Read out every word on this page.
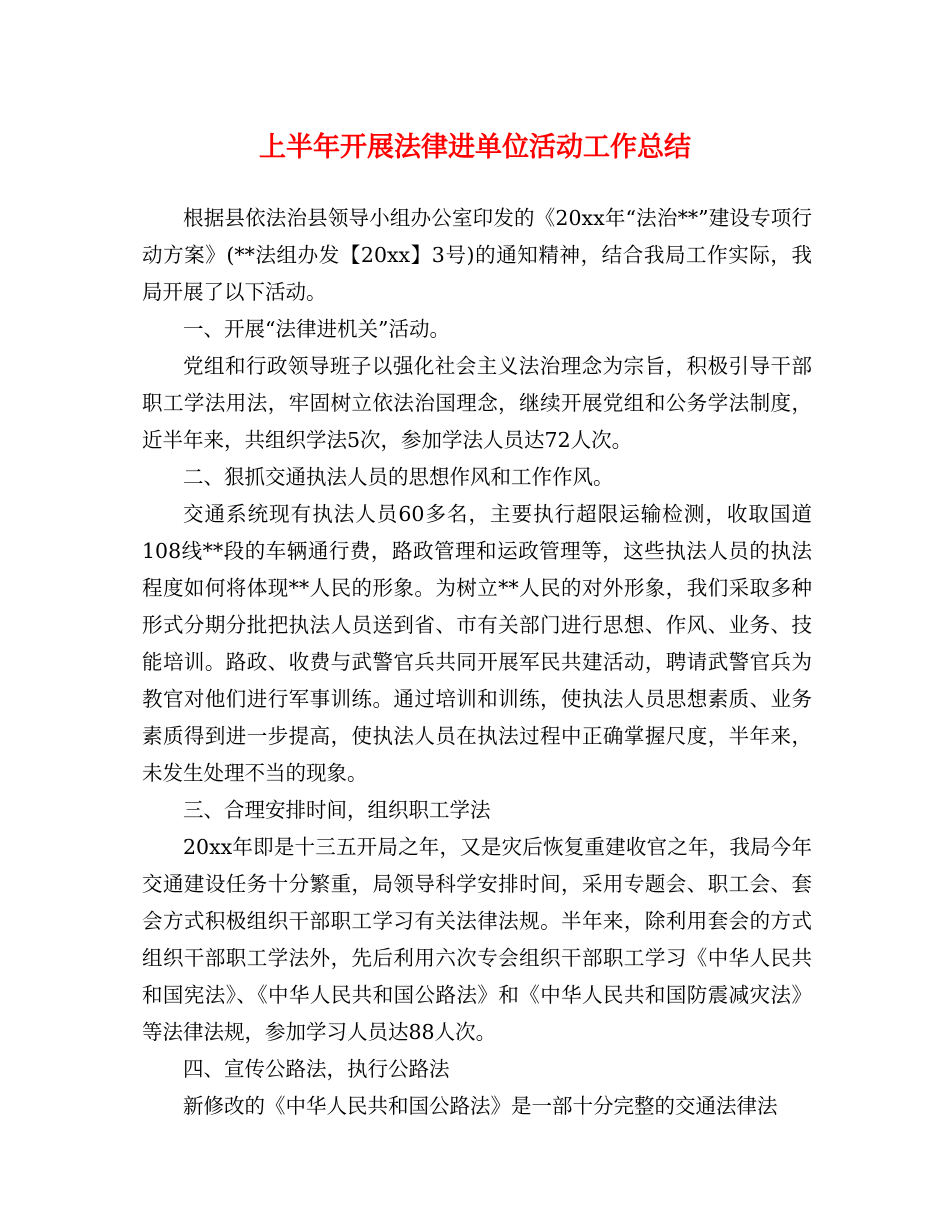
上半年开展法律进单位活动工作总结

根据县依法治县领导小组办公室印发的《20xx年“法治**”建设专项行动方案》(**法组办发【20xx】3号)的通知精神，结合我局工作实际，我局开展了以下活动。

一、开展“法律进机关”活动。

党组和行政领导班子以强化社会主义法治理念为宗旨，积极引导干部职工学法用法，牢固树立依法治国理念，继续开展党组和公务学法制度，近半年来，共组织学法5次，参加学法人员达72人次。

二、狠抓交通执法人员的思想作风和工作作风。

交通系统现有执法人员60多名，主要执行超限运输检测，收取国道108线**段的车辆通行费，路政管理和运政管理等，这些执法人员的执法程度如何将体现**人民的形象。为树立**人民的对外形象，我们采取多种形式分期分批把执法人员送到省、市有关部门进行思想、作风、业务、技能培训。路政、收费与武警官兵共同开展军民共建活动，聘请武警官兵为教官对他们进行军事训练。通过培训和训练，使执法人员思想素质、业务素质得到进一步提高，使执法人员在执法过程中正确掌握尺度，半年来，未发生处理不当的现象。

三、合理安排时间，组织职工学法

20xx年即是十三五开局之年，又是灾后恢复重建收官之年，我局今年交通建设任务十分繁重，局领导科学安排时间，采用专题会、职工会、套会方式积极组织干部职工学习有关法律法规。半年来，除利用套会的方式组织干部职工学法外，先后利用六次专会组织干部职工学习《中华人民共和国宪法》、《中华人民共和国公路法》和《中华人民共和国防震减灾法》等法律法规，参加学习人员达88人次。

四、宣传公路法，执行公路法

新修改的《中华人民共和国公路法》是一部十分完整的交通法律法
